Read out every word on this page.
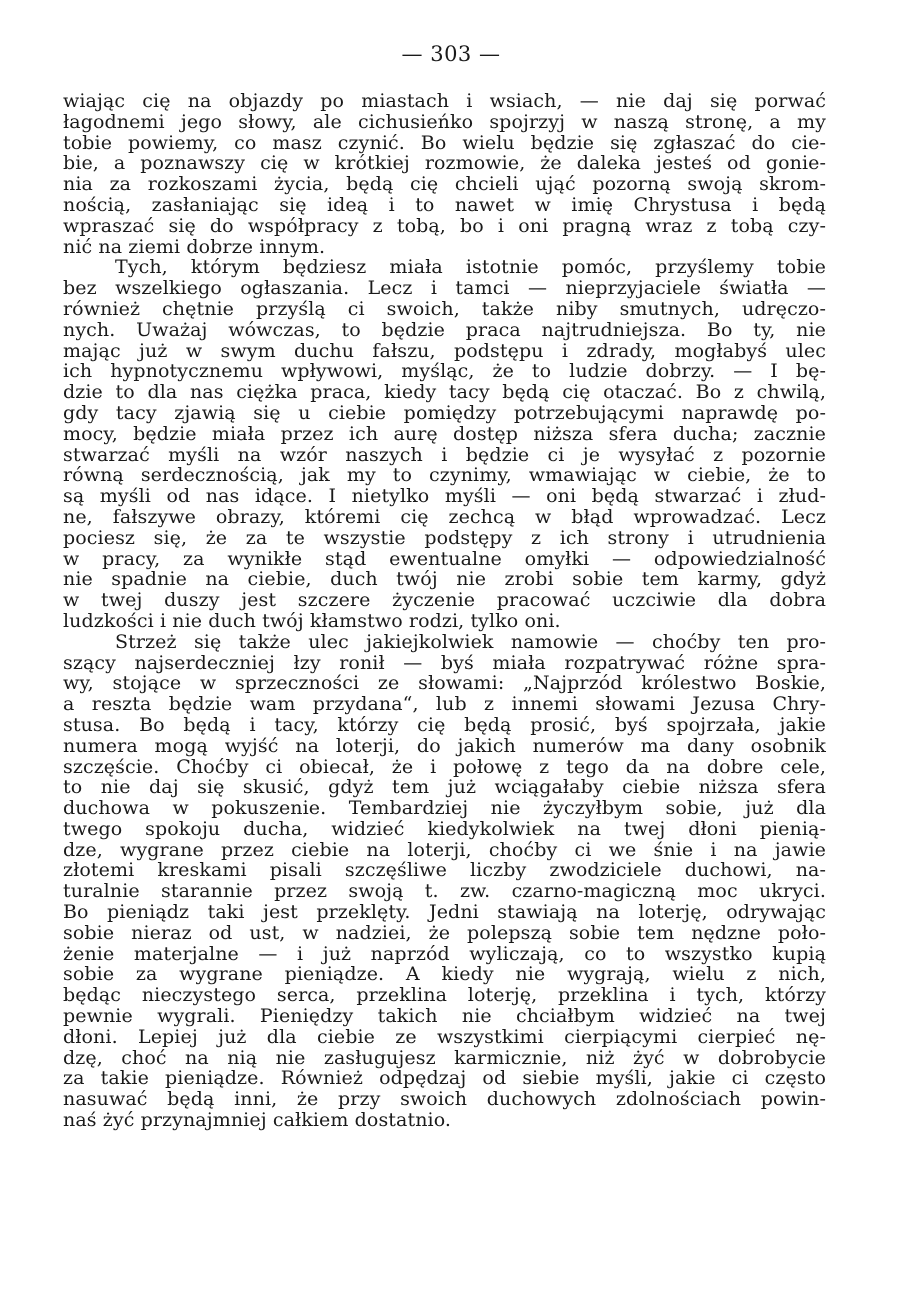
— 303 —
wiając cię na objazdy po miastach i wsiach, — nie daj się porwać
łagodnemi jego słowy, ale cichusieńko spojrzyj w naszą stronę, a my
tobie powiemy, co masz czynić. Bo wielu będzie się zgłaszać do cie-
bie, a poznawszy cię w krótkiej rozmowie, że daleka jesteś od gonie-
nia za rozkoszami życia, będą cię chcieli ująć pozorną swoją skrom-
nością, zasłaniając się ideą i to nawet w imię Chrystusa i będą
wpraszać się do współpracy z tobą, bo i oni pragną wraz z tobą czy-
nić na ziemi dobrze innym.
Tych, którym będziesz miała istotnie pomóc, przyślemy tobie
bez wszelkiego ogłaszania. Lecz i tamci — nieprzyjaciele światła —
również chętnie przyślą ci swoich, także niby smutnych, udręczo-
nych. Uważaj wówczas, to będzie praca najtrudniejsza. Bo ty, nie
mając już w swym duchu fałszu, podstępu i zdrady, mogłabyś ulec
ich hypnotycznemu wpływowi, myśląc, że to ludzie dobrzy. — I bę-
dzie to dla nas ciężka praca, kiedy tacy będą cię otaczać. Bo z chwilą,
gdy tacy zjawią się u ciebie pomiędzy potrzebującymi naprawdę po-
mocy, będzie miała przez ich aurę dostęp niższa sfera ducha; zacznie
stwarzać myśli na wzór naszych i będzie ci je wysyłać z pozornie
równą serdecznością, jak my to czynimy, wmawiając w ciebie, że to
są myśli od nas idące. I nietylko myśli — oni będą stwarzać i złud-
ne, fałszywe obrazy, któremi cię zechcą w błąd wprowadzać. Lecz
pociesz się, że za te wszystie podstępy z ich strony i utrudnienia
w pracy, za wynikłe stąd ewentualne omyłki — odpowiedzialność
nie spadnie na ciebie, duch twój nie zrobi sobie tem karmy, gdyż
w twej duszy jest szczere życzenie pracować uczciwie dla dobra
ludzkości i nie duch twój kłamstwo rodzi, tylko oni.
Strzeż się także ulec jakiejkolwiek namowie — choćby ten pro-
szący najserdeczniej łzy ronił — byś miała rozpatrywać różne spra-
wy, stojące w sprzeczności ze słowami: „Najprzód królestwo Boskie,
a reszta będzie wam przydana“, lub z innemi słowami Jezusa Chry-
stusa. Bo będą i tacy, którzy cię będą prosić, byś spojrzała, jakie
numera mogą wyjść na loterji, do jakich numerów ma dany osobnik
szczęście. Choćby ci obiecał, że i połowę z tego da na dobre cele,
to nie daj się skusić, gdyż tem już wciągałaby ciebie niższa sfera
duchowa w pokuszenie. Tembardziej nie życzyłbym sobie, już dla
twego spokoju ducha, widzieć kiedykolwiek na twej dłoni pienią-
dze, wygrane przez ciebie na loterji, choćby ci we śnie i na jawie
złotemi kreskami pisali szczęśliwe liczby zwodziciele duchowi, na-
turalnie starannie przez swoją t. zw. czarno-magiczną moc ukryci.
Bo pieniądz taki jest przeklęty. Jedni stawiają na loterję, odrywając
sobie nieraz od ust, w nadziei, że polepszą sobie tem nędzne poło-
żenie materjalne — i już naprzód wyliczają, co to wszystko kupią
sobie za wygrane pieniądze. A kiedy nie wygrają, wielu z nich,
będąc nieczystego serca, przeklina loterję, przeklina i tych, którzy
pewnie wygrali. Pieniędzy takich nie chciałbym widzieć na twej
dłoni. Lepiej już dla ciebie ze wszystkimi cierpiącymi cierpieć nę-
dzę, choć na nią nie zasługujesz karmicznie, niż żyć w dobrobycie
za takie pieniądze. Również odpędzaj od siebie myśli, jakie ci często
nasuwać będą inni, że przy swoich duchowych zdolnościach powin-
naś żyć przynajmniej całkiem dostatnio.
